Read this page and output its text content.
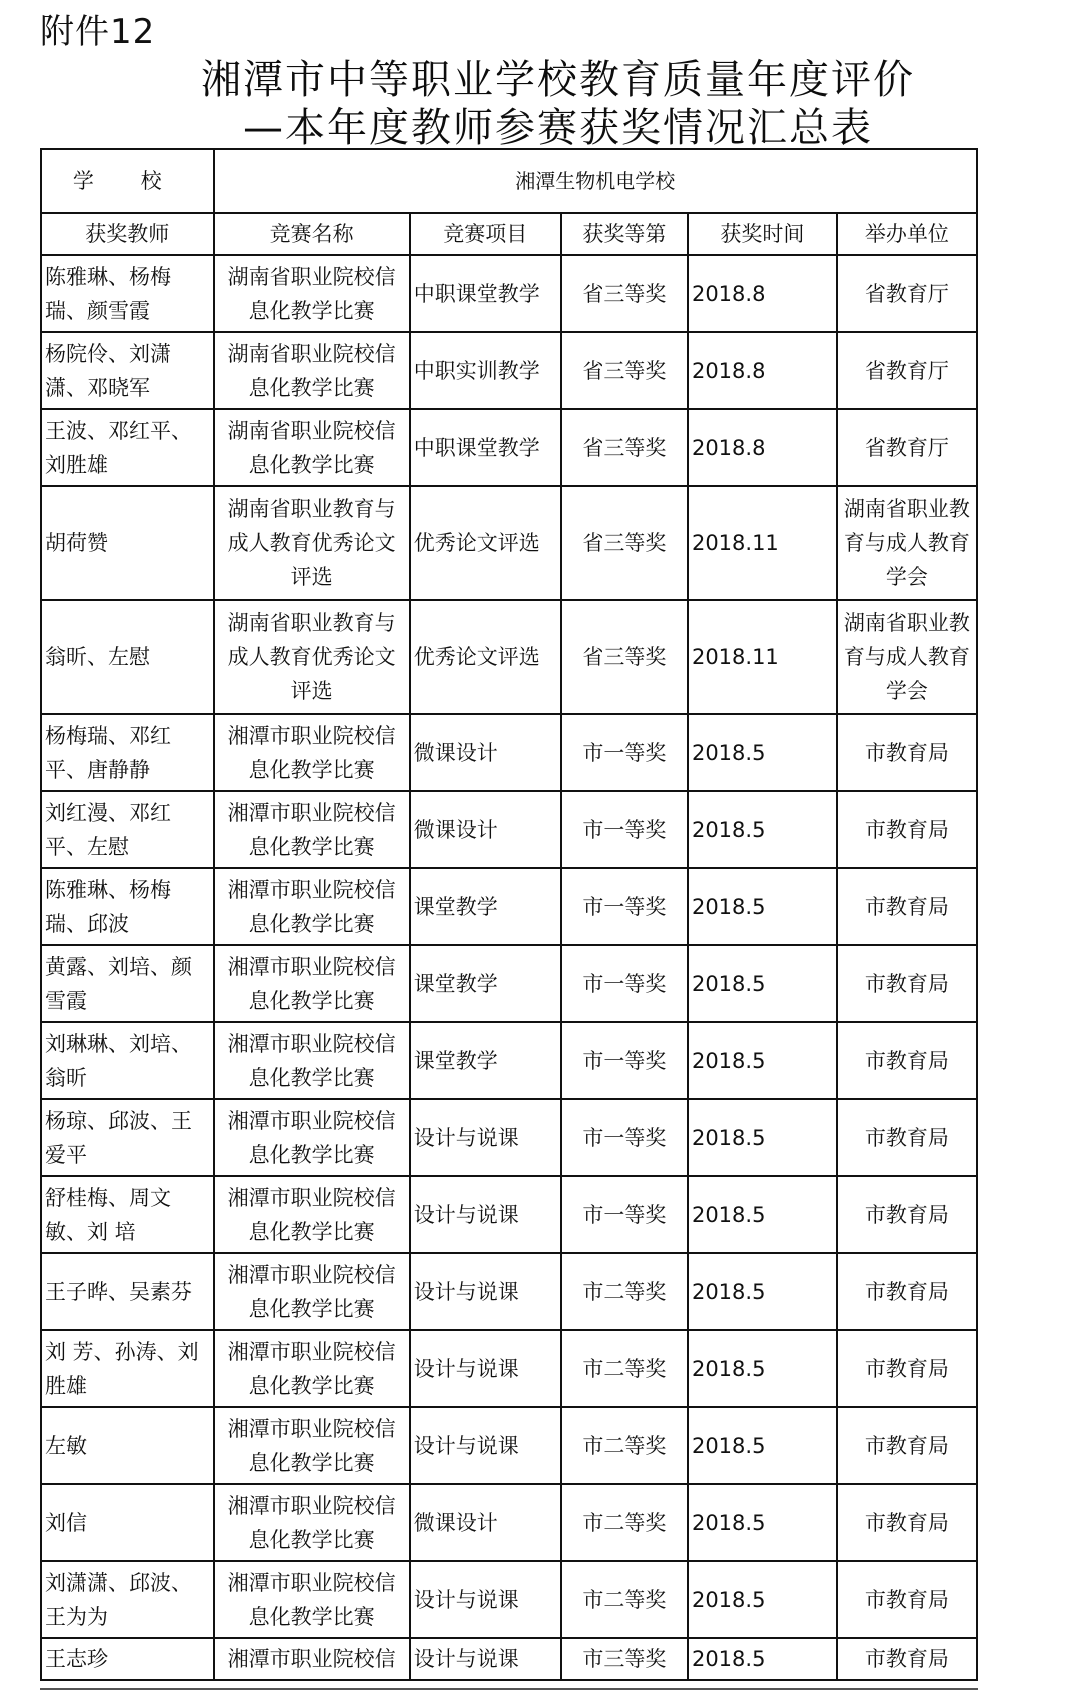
附件12
湘潭市中等职业学校教育质量年度评价
—本年度教师参赛获奖情况汇总表
学 校	湘潭生物机电学校				
获奖教师	竞赛名称	竞赛项目	获奖等第	获奖时间	举办单位
陈雅琳、杨梅瑞、颜雪霞	湖南省职业院校信息化教学比赛	中职课堂教学	省三等奖	2018.8	省教育厅
杨院伶、刘潇潇、邓晓军	湖南省职业院校信息化教学比赛	中职实训教学	省三等奖	2018.8	省教育厅
王波、邓红平、刘胜雄	湖南省职业院校信息化教学比赛	中职课堂教学	省三等奖	2018.8	省教育厅
胡荷赞	湖南省职业教育与成人教育优秀论文评选	优秀论文评选	省三等奖	2018.11	湖南省职业教育与成人教育学会
翁昕、左慰	湖南省职业教育与成人教育优秀论文评选	优秀论文评选	省三等奖	2018.11	湖南省职业教育与成人教育学会
杨梅瑞、邓红平、唐静静	湘潭市职业院校信息化教学比赛	微课设计	市一等奖	2018.5	市教育局
刘红漫、邓红平、左慰	湘潭市职业院校信息化教学比赛	微课设计	市一等奖	2018.5	市教育局
陈雅琳、杨梅瑞、邱波	湘潭市职业院校信息化教学比赛	课堂教学	市一等奖	2018.5	市教育局
黄露、刘培、颜雪霞	湘潭市职业院校信息化教学比赛	课堂教学	市一等奖	2018.5	市教育局
刘琳琳、刘培、翁昕	湘潭市职业院校信息化教学比赛	课堂教学	市一等奖	2018.5	市教育局
杨琼、邱波、王爱平	湘潭市职业院校信息化教学比赛	设计与说课	市一等奖	2018.5	市教育局
舒桂梅、周文敏、刘 培	湘潭市职业院校信息化教学比赛	设计与说课	市一等奖	2018.5	市教育局
王子晔、吴素芬	湘潭市职业院校信息化教学比赛	设计与说课	市二等奖	2018.5	市教育局
刘 芳、孙涛、刘胜雄	湘潭市职业院校信息化教学比赛	设计与说课	市二等奖	2018.5	市教育局
左敏	湘潭市职业院校信息化教学比赛	设计与说课	市二等奖	2018.5	市教育局
刘信	湘潭市职业院校信息化教学比赛	微课设计	市二等奖	2018.5	市教育局
刘潇潇、邱波、王为为	湘潭市职业院校信息化教学比赛	设计与说课	市二等奖	2018.5	市教育局
王志珍	湘潭市职业院校信	设计与说课	市三等奖	2018.5	市教育局
